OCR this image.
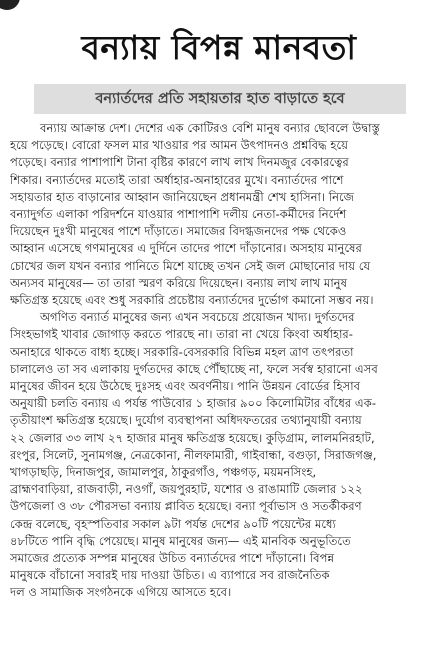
বন্যায় বিপন্ন মানবতা
বন্যার্তদের প্রতি সহায়তার হাত বাড়াতে হবে
বন্যায় আক্রান্ত দেশ। দেশের এক কোটিরও বেশি মানুষ বন্যার ছোবলে উদ্বাস্তু
হয়ে পড়েছে। বোরো ফসল মার খাওয়ার পর আমন উৎপাদনও প্রশ্নবিদ্ধ হয়ে
পড়েছে। বন্যার পাশাপাশি টানা বৃষ্টির কারণে লাখ লাখ দিনমজুর বেকারত্বের
শিকার। বন্যার্তদের মতোই তারা অর্ধাহার-অনাহারের মুখে। বন্যার্তদের পাশে
সহায়তার হাত বাড়ানোর আহ্বান জানিয়েছেন প্রধানমন্ত্রী শেখ হাসিনা। নিজে
বন্যাদুর্গত এলাকা পরিদর্শনে যাওয়ার পাশাপাশি দলীয় নেতা-কর্মীদের নির্দেশ
দিয়েছেন দুঃখী মানুষের পাশে দাঁড়াতে। সমাজের বিদগ্ধজনদের পক্ষ থেকেও
আহ্বান এসেছে গণমানুষের এ দুর্দিনে তাদের পাশে দাঁড়ানোর। অসহায় মানুষের
চোখের জল যখন বন্যার পানিতে মিশে যাচ্ছে তখন সেই জল মোছানোর দায় যে
অন্যসব মানুষের— তা তারা স্মরণ করিয়ে দিয়েছেন। বন্যায় লাখ লাখ মানুষ
ক্ষতিগ্রস্ত হয়েছে এবং শুধু সরকারি প্রচেষ্টায় বন্যার্তদের দুর্ভোগ কমানো সম্ভব নয়।
অগণিত বন্যার্ত মানুষের জন্য এখন সবচেয়ে প্রয়োজন খাদ্য। দুর্গতদের
সিংহভাগই খাবার জোগাড় করতে পারছে না। তারা না খেয়ে কিংবা অর্ধাহার-
অনাহারে থাকতে বাধ্য হচ্ছে। সরকারি-বেসরকারি বিভিন্ন মহল ত্রাণ তৎপরতা
চালালেও তা সব এলাকায় দুর্গতদের কাছে পৌঁছাচ্ছে না, ফলে সর্বস্ব হারানো এসব
মানুষের জীবন হয়ে উঠেছে দুঃসহ এবং অবর্ণনীয়। পানি উন্নয়ন বোর্ডের হিসাব
অনুযায়ী চলতি বন্যায় এ পর্যন্ত পাউবোর ১ হাজার ৯০০ কিলোমিটার বাঁধের এক-
তৃতীয়াংশ ক্ষতিগ্রস্ত হয়েছে। দুর্যোগ ব্যবস্থাপনা অধিদফতরের তথ্যানুযায়ী বন্যায়
২২ জেলার ৩৩ লাখ ২৭ হাজার মানুষ ক্ষতিগ্রস্ত হয়েছে। কুড়িগ্রাম, লালমনিরহাট,
রংপুর, সিলেট, সুনামগঞ্জ, নেত্রকোনা, নীলফামারী, গাইবান্ধা, বগুড়া, সিরাজগঞ্জ,
খাগড়াছড়ি, দিনাজপুর, জামালপুর, ঠাকুরগাঁও, পঞ্চগড়, ময়মনসিংহ,
ব্রাহ্মণবাড়িয়া, রাজবাড়ী, নওগাঁ, জয়পুরহাট, যশোর ও রাঙামাটি জেলার ১২২
উপজেলা ও ৩৮ পৌরসভা বন্যায় প্লাবিত হয়েছে। বন্যা পূর্বাভাস ও সতর্কীকরণ
কেন্দ্র বলেছে, বৃহস্পতিবার সকাল ৯টা পর্যন্ত দেশের ৯০টি পয়েন্টের মধ্যে
৪৮টিতে পানি বৃদ্ধি পেয়েছে। মানুষ মানুষের জন্য— এই মানবিক অনুভূতিতে
সমাজের প্রত্যেক সম্পন্ন মানুষের উচিত বন্যার্তদের পাশে দাঁড়ানো। বিপন্ন
মানুষকে বাঁচানো সবারই দায় দাওয়া উচিত। এ ব্যাপারে সব রাজনৈতিক
দল ও সামাজিক সংগঠনকে এগিয়ে আসতে হবে।
